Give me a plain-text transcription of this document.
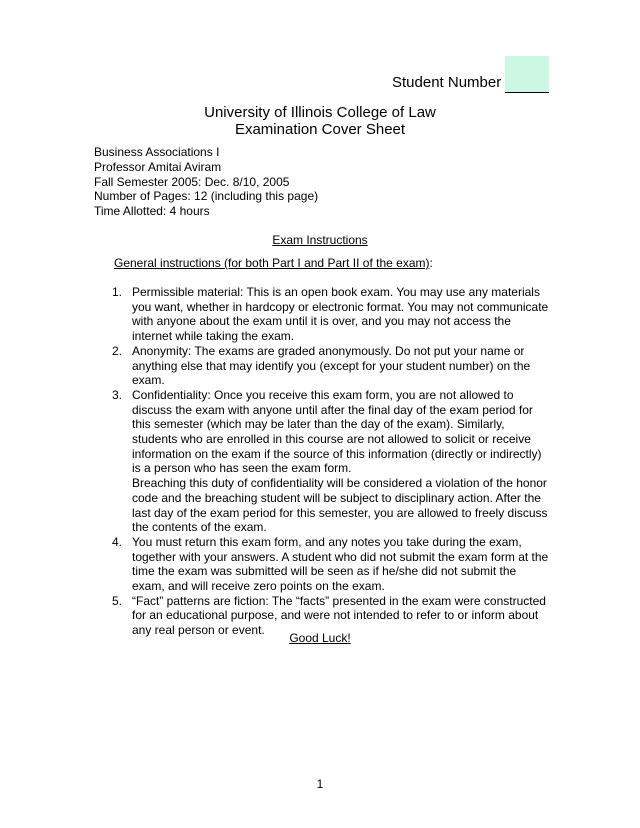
Student Number
University of Illinois College of Law
Examination Cover Sheet
Business Associations I
Professor Amitai Aviram
Fall Semester 2005: Dec. 8/10, 2005
Number of Pages: 12 (including this page)
Time Allotted: 4 hours
Exam Instructions
General instructions (for both Part I and Part II of the exam):
1. Permissible material: This is an open book exam. You may use any materials you want, whether in hardcopy or electronic format. You may not communicate with anyone about the exam until it is over, and you may not access the internet while taking the exam.
2. Anonymity: The exams are graded anonymously. Do not put your name or anything else that may identify you (except for your student number) on the exam.
3. Confidentiality: Once you receive this exam form, you are not allowed to discuss the exam with anyone until after the final day of the exam period for this semester (which may be later than the day of the exam). Similarly, students who are enrolled in this course are not allowed to solicit or receive information on the exam if the source of this information (directly or indirectly) is a person who has seen the exam form.
Breaching this duty of confidentiality will be considered a violation of the honor code and the breaching student will be subject to disciplinary action. After the last day of the exam period for this semester, you are allowed to freely discuss the contents of the exam.
4. You must return this exam form, and any notes you take during the exam, together with your answers. A student who did not submit the exam form at the time the exam was submitted will be seen as if he/she did not submit the exam, and will receive zero points on the exam.
5. “Fact” patterns are fiction: The “facts” presented in the exam were constructed for an educational purpose, and were not intended to refer to or inform about any real person or event.
Good Luck!
1
